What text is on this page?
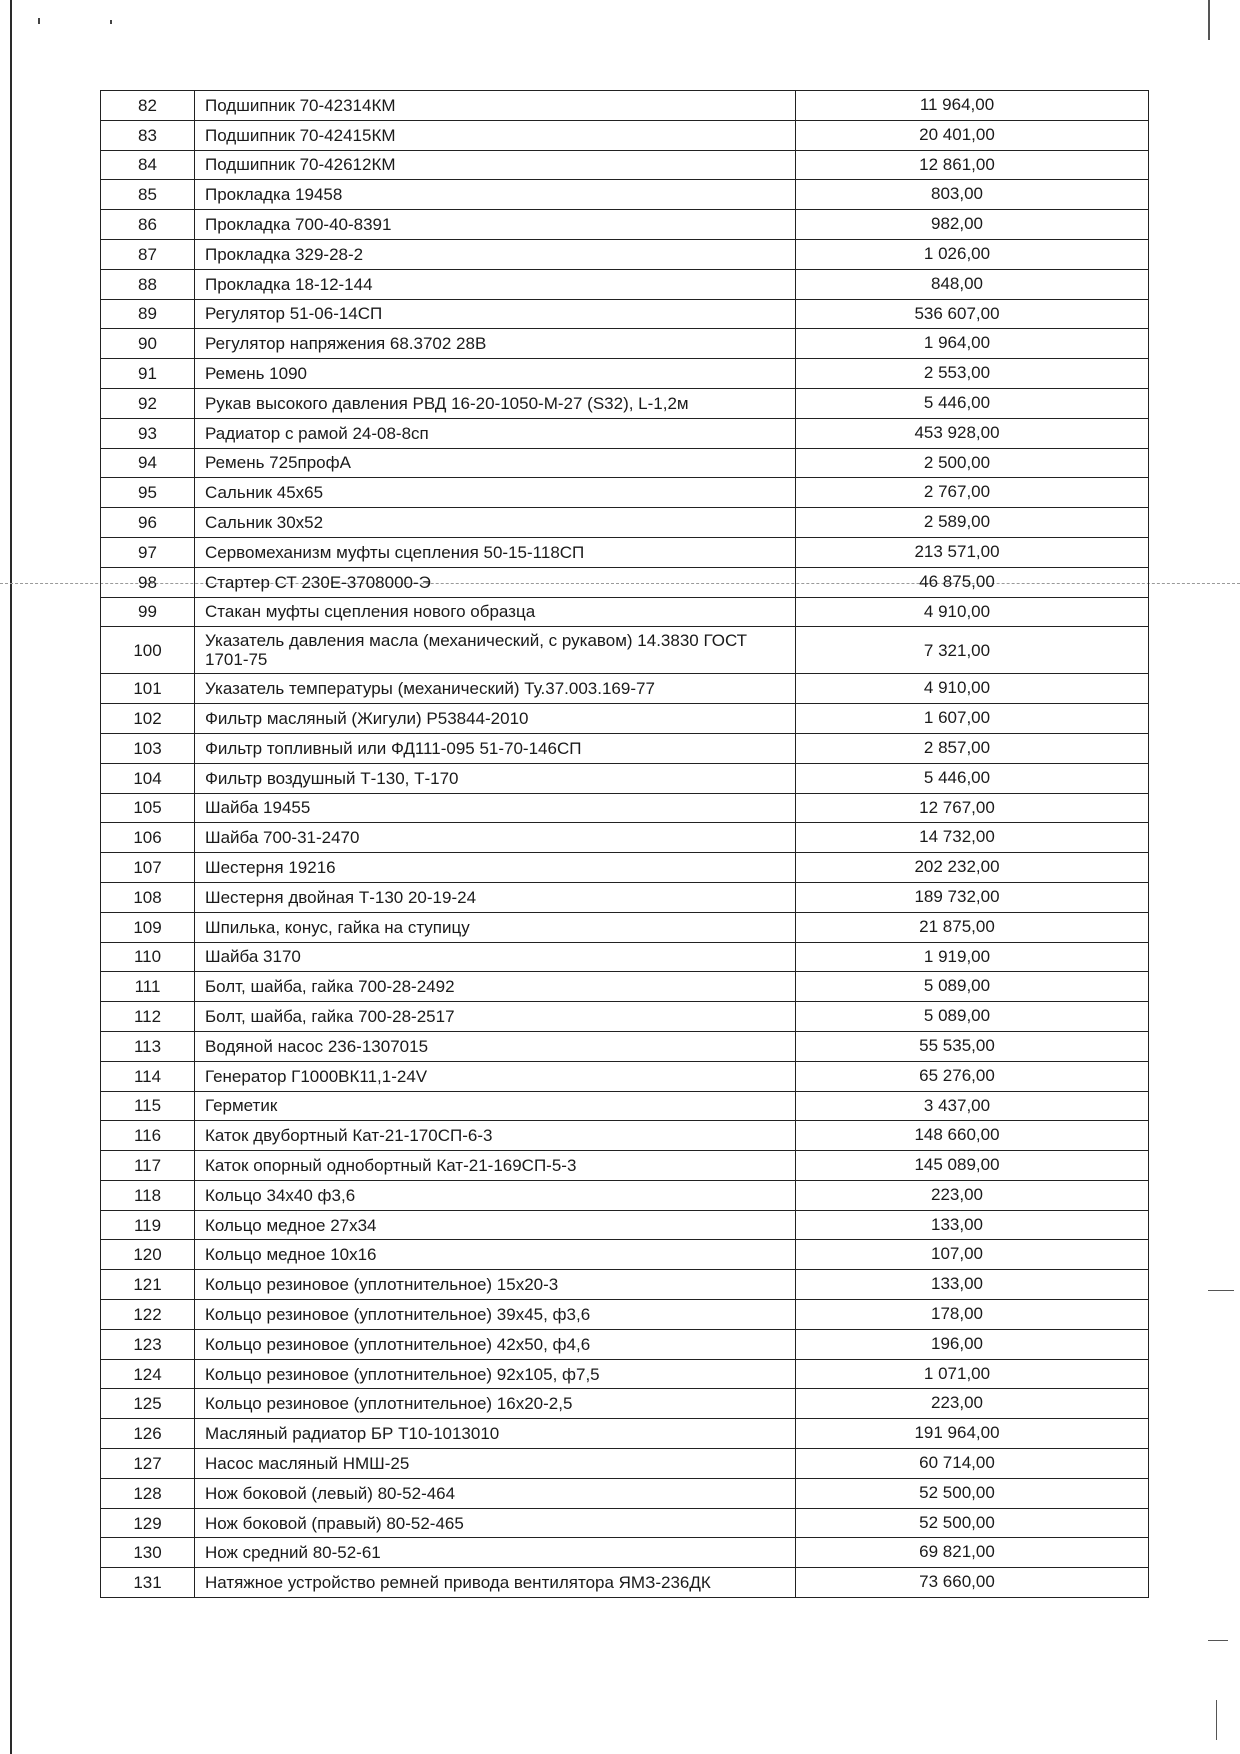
82	Подшипник 70-42314КМ	11 964,00
83	Подшипник 70-42415КМ	20 401,00
84	Подшипник 70-42612КМ	12 861,00
85	Прокладка 19458	803,00
86	Прокладка 700-40-8391	982,00
87	Прокладка 329-28-2	1 026,00
88	Прокладка 18-12-144	848,00
89	Регулятор 51-06-14СП	536 607,00
90	Регулятор напряжения 68.3702 28В	1 964,00
91	Ремень 1090	2 553,00
92	Рукав высокого давления РВД 16-20-1050-М-27 (S32), L-1,2м	5 446,00
93	Радиатор с рамой 24-08-8сп	453 928,00
94	Ремень 725профА	2 500,00
95	Сальник 45х65	2 767,00
96	Сальник 30х52	2 589,00
97	Сервомеханизм муфты сцепления 50-15-118СП	213 571,00
98	Стартер СТ 230Е-3708000-Э	46 875,00
99	Стакан муфты сцепления нового образца	4 910,00
100	Указатель давления масла (механический, с рукавом) 14.3830 ГОСТ 1701-75	7 321,00
101	Указатель температуры (механический) Ту.37.003.169-77	4 910,00
102	Фильтр масляный (Жигули) Р53844-2010	1 607,00
103	Фильтр топливный или ФД111-095 51-70-146СП	2 857,00
104	Фильтр воздушный Т-130, Т-170	5 446,00
105	Шайба 19455	12 767,00
106	Шайба 700-31-2470	14 732,00
107	Шестерня 19216	202 232,00
108	Шестерня двойная Т-130 20-19-24	189 732,00
109	Шпилька, конус, гайка на ступицу	21 875,00
110	Шайба 3170	1 919,00
111	Болт, шайба, гайка 700-28-2492	5 089,00
112	Болт, шайба, гайка 700-28-2517	5 089,00
113	Водяной насос 236-1307015	55 535,00
114	Генератор Г1000ВК11,1-24V	65 276,00
115	Герметик	3 437,00
116	Каток двубортный Кат-21-170СП-6-3	148 660,00
117	Каток опорный однобортный Кат-21-169СП-5-3	145 089,00
118	Кольцо 34х40 ф3,6	223,00
119	Кольцо медное 27х34	133,00
120	Кольцо медное 10х16	107,00
121	Кольцо резиновое (уплотнительное) 15х20-3	133,00
122	Кольцо резиновое (уплотнительное) 39х45, ф3,6	178,00
123	Кольцо резиновое (уплотнительное) 42х50, ф4,6	196,00
124	Кольцо резиновое (уплотнительное) 92х105, ф7,5	1 071,00
125	Кольцо резиновое (уплотнительное) 16х20-2,5	223,00
126	Масляный радиатор БР Т10-1013010	191 964,00
127	Насос масляный НМШ-25	60 714,00
128	Нож боковой (левый) 80-52-464	52 500,00
129	Нож боковой (правый) 80-52-465	52 500,00
130	Нож средний 80-52-61	69 821,00
131	Натяжное устройство ремней привода вентилятора ЯМЗ-236ДК	73 660,00
